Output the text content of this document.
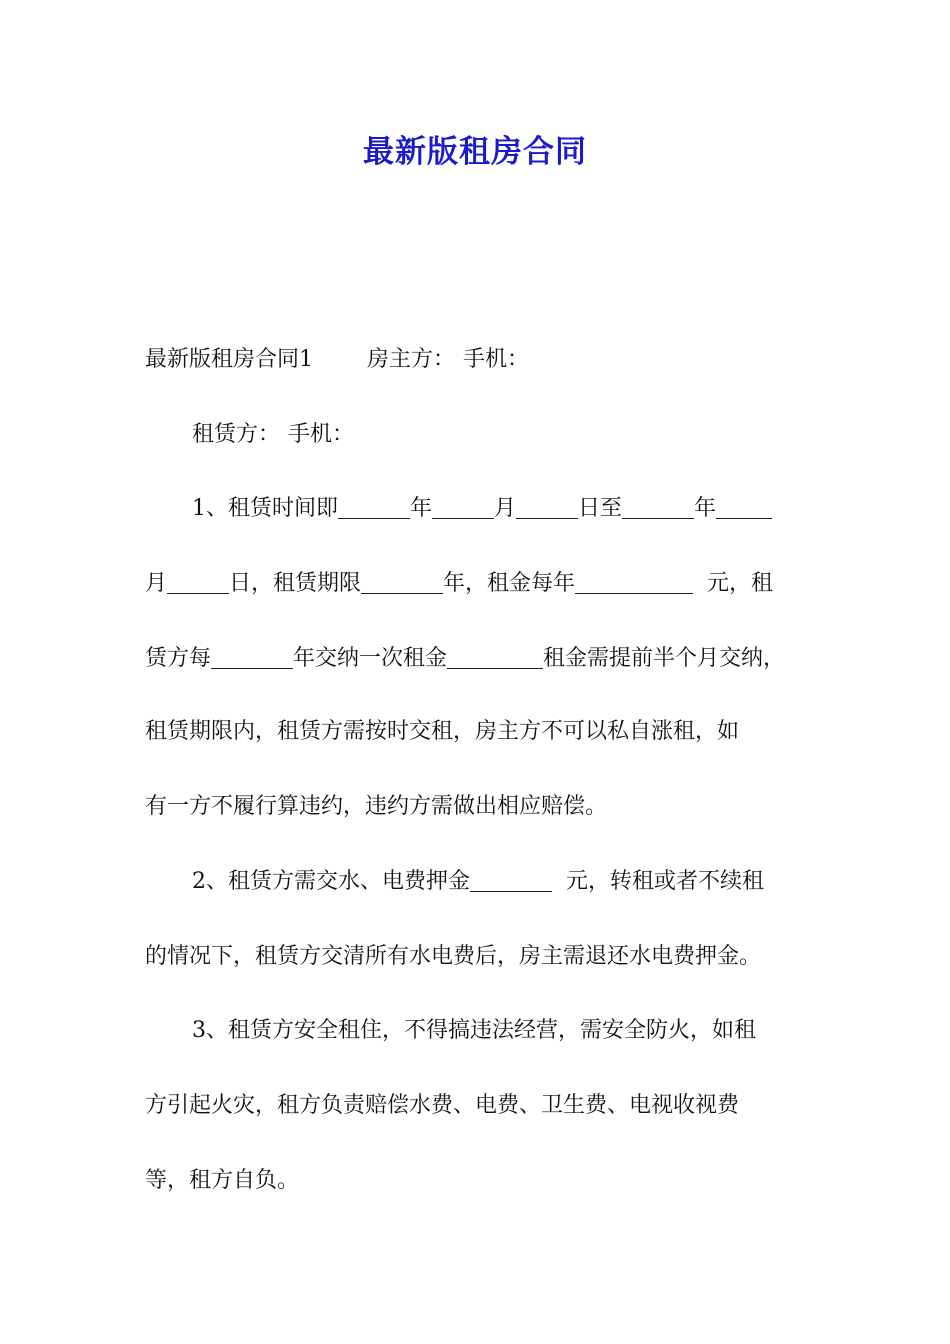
最新版租房合同
最新版租房合同1 房主方： 手机：
租赁方： 手机：
1、租赁时间即	年	月	日至	年
月	日，租赁期限	年，租金每年	元，租
赁方每	年交纳一次租金	租金需提前半个月交纳，
租赁期限内，租赁方需按时交租，房主方不可以私自涨租，如
有一方不履行算违约，违约方需做出相应赔偿。
2、租赁方需交水、电费押金	元，转租或者不续租
的情况下，租赁方交清所有水电费后，房主需退还水电费押金。
3、租赁方安全租住，不得搞违法经营，需安全防火，如租
方引起火灾，租方负责赔偿水费、电费、卫生费、电视收视费
等，租方自负。
